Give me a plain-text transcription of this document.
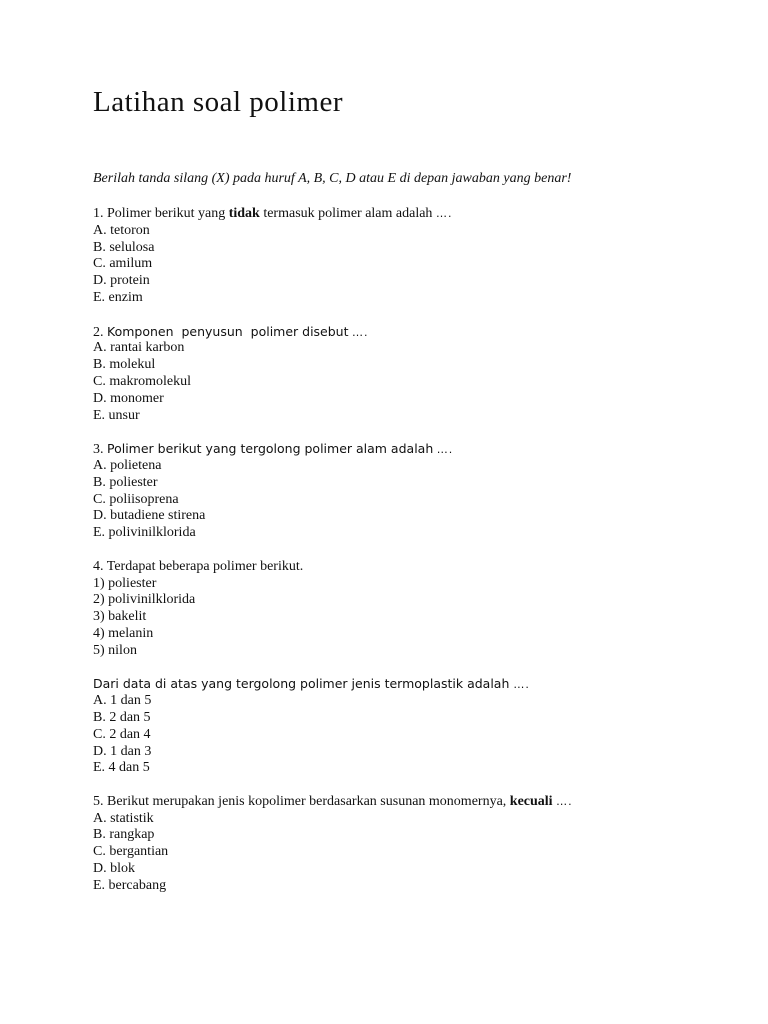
Latihan soal polimer
Berilah tanda silang (X) pada huruf A, B, C, D atau E di depan jawaban yang benar!
1. Polimer berikut yang tidak termasuk polimer alam adalah ….
A. tetoron
B. selulosa
C. amilum
D. protein
E. enzim
2. Komponen  penyusun  polimer disebut ….
A. rantai karbon
B. molekul
C. makromolekul
D. monomer
E. unsur
3. Polimer berikut yang tergolong polimer alam adalah ….
A. polietena
B. poliester
C. poliisoprena
D. butadiene stirena
E. polivinilklorida
4. Terdapat beberapa polimer berikut.
1) poliester
2) polivinilklorida
3) bakelit
4) melanin
5) nilon
Dari data di atas yang tergolong polimer jenis termoplastik adalah ….
A. 1 dan 5
B. 2 dan 5
C. 2 dan 4
D. 1 dan 3
E. 4 dan 5
5. Berikut merupakan jenis kopolimer berdasarkan susunan monomernya, kecuali ….
A. statistik
B. rangkap
C. bergantian
D. blok
E. bercabang
